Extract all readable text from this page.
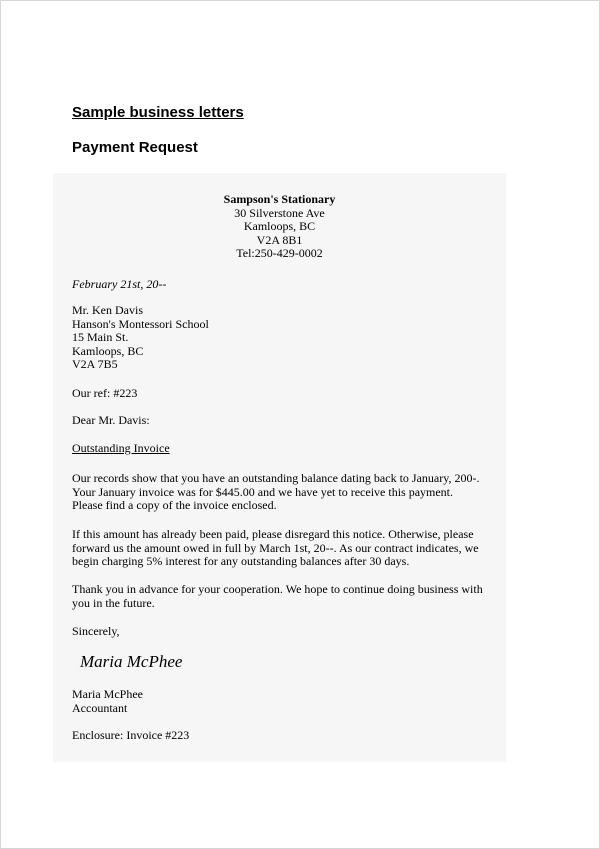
Sample business letters
Payment Request
Sampson's Stationary
30 Silverstone Ave
Kamloops, BC
V2A 8B1
Tel:250-429-0002
February 21st, 20--
Mr. Ken Davis
Hanson's Montessori School
15 Main St.
Kamloops, BC
V2A 7B5
Our ref: #223
Dear Mr. Davis:
Outstanding Invoice
Our records show that you have an outstanding balance dating back to January, 200-.
Your January invoice was for $445.00 and we have yet to receive this payment.
Please find a copy of the invoice enclosed.
If this amount has already been paid, please disregard this notice. Otherwise, please
forward us the amount owed in full by March 1st, 20--. As our contract indicates, we
begin charging 5% interest for any outstanding balances after 30 days.
Thank you in advance for your cooperation. We hope to continue doing business with
you in the future.
Sincerely,
Maria McPhee
Maria McPhee
Accountant
Enclosure: Invoice #223
